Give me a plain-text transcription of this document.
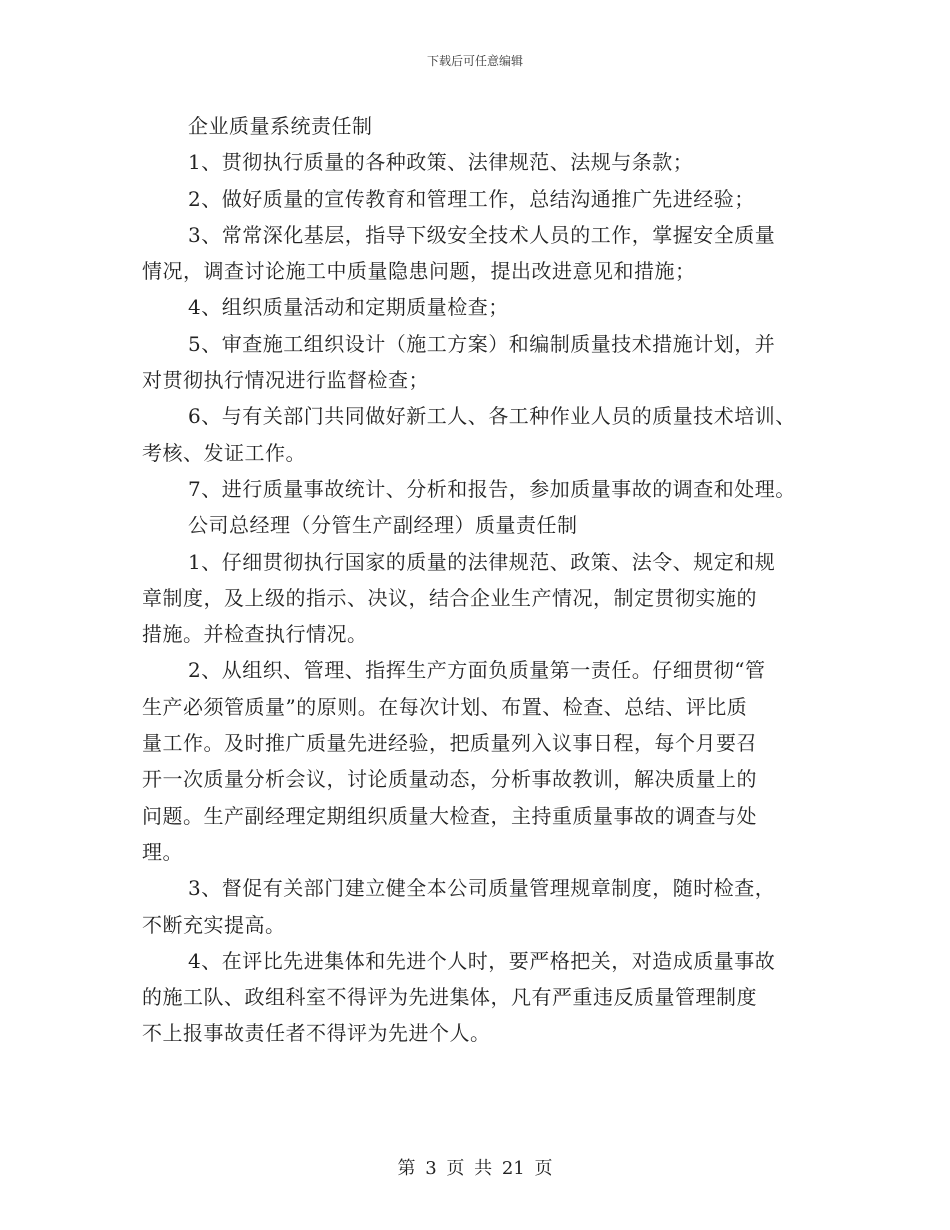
下载后可任意编辑
企业质量系统责任制
1、贯彻执行质量的各种政策、法律规范、法规与条款；
2、做好质量的宣传教育和管理工作，总结沟通推广先进经验；
3、常常深化基层，指导下级安全技术人员的工作，掌握安全质量
情况，调查讨论施工中质量隐患问题，提出改进意见和措施；
4、组织质量活动和定期质量检查；
5、审查施工组织设计（施工方案）和编制质量技术措施计划，并
对贯彻执行情况进行监督检查；
6、与有关部门共同做好新工人、各工种作业人员的质量技术培训、
考核、发证工作。
7、进行质量事故统计、分析和报告，参加质量事故的调查和处理。
公司总经理（分管生产副经理）质量责任制
1、仔细贯彻执行国家的质量的法律规范、政策、法令、规定和规
章制度，及上级的指示、决议，结合企业生产情况，制定贯彻实施的
措施。并检查执行情况。
2、从组织、管理、指挥生产方面负质量第一责任。仔细贯彻“管
生产必须管质量”的原则。在每次计划、布置、检查、总结、评比质
量工作。及时推广质量先进经验，把质量列入议事日程，每个月要召
开一次质量分析会议，讨论质量动态，分析事故教训，解决质量上的
问题。生产副经理定期组织质量大检查，主持重质量事故的调查与处
理。
3、督促有关部门建立健全本公司质量管理规章制度，随时检查，
不断充实提高。
4、在评比先进集体和先进个人时，要严格把关，对造成质量事故
的施工队、政组科室不得评为先进集体，凡有严重违反质量管理制度
不上报事故责任者不得评为先进个人。
第 3 页 共 21 页
